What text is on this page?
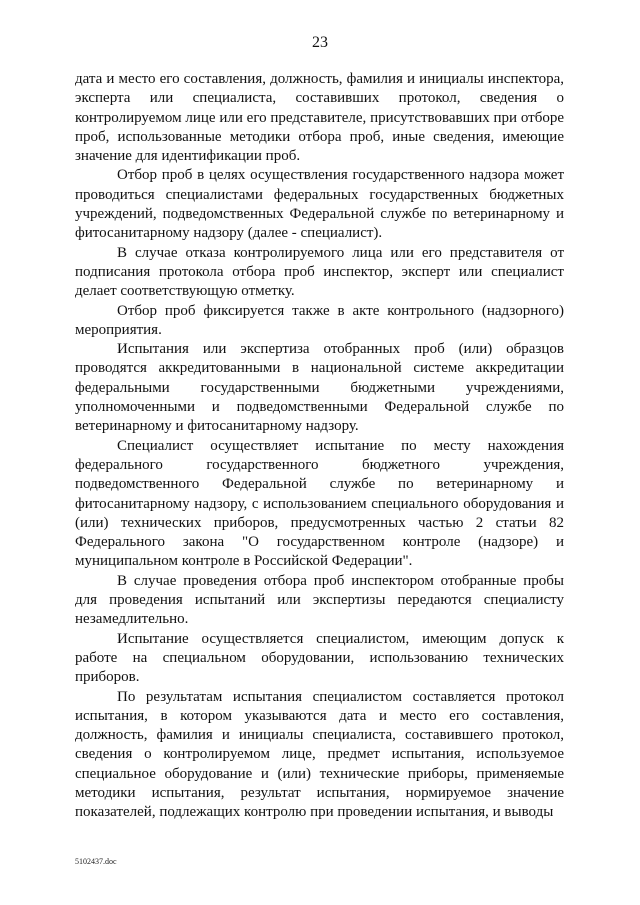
23

дата и место его составления, должность, фамилия и инициалы инспектора, эксперта или специалиста, составивших протокол, сведения о контролируемом лице или его представителе, присутствовавших при отборе проб, использованные методики отбора проб, иные сведения, имеющие значение для идентификации проб.

Отбор проб в целях осуществления государственного надзора может проводиться специалистами федеральных государственных бюджетных учреждений, подведомственных Федеральной службе по ветеринарному и фитосанитарному надзору (далее - специалист).

В случае отказа контролируемого лица или его представителя от подписания протокола отбора проб инспектор, эксперт или специалист делает соответствующую отметку.

Отбор проб фиксируется также в акте контрольного (надзорного) мероприятия.

Испытания или экспертиза отобранных проб (или) образцов проводятся аккредитованными в национальной системе аккредитации федеральными государственными бюджетными учреждениями, уполномоченными и подведомственными Федеральной службе по ветеринарному и фитосанитарному надзору.

Специалист осуществляет испытание по месту нахождения федерального государственного бюджетного учреждения, подведомственного Федеральной службе по ветеринарному и фитосанитарному надзору, с использованием специального оборудования и (или) технических приборов, предусмотренных частью 2 статьи 82 Федерального закона "О государственном контроле (надзоре) и муниципальном контроле в Российской Федерации".

В случае проведения отбора проб инспектором отобранные пробы для проведения испытаний или экспертизы передаются специалисту незамедлительно.

Испытание осуществляется специалистом, имеющим допуск к работе на специальном оборудовании, использованию технических приборов.

По результатам испытания специалистом составляется протокол испытания, в котором указываются дата и место его составления, должность, фамилия и инициалы специалиста, составившего протокол, сведения о контролируемом лице, предмет испытания, используемое специальное оборудование и (или) технические приборы, применяемые методики испытания, результат испытания, нормируемое значение показателей, подлежащих контролю при проведении испытания, и выводы

5102437.doc
